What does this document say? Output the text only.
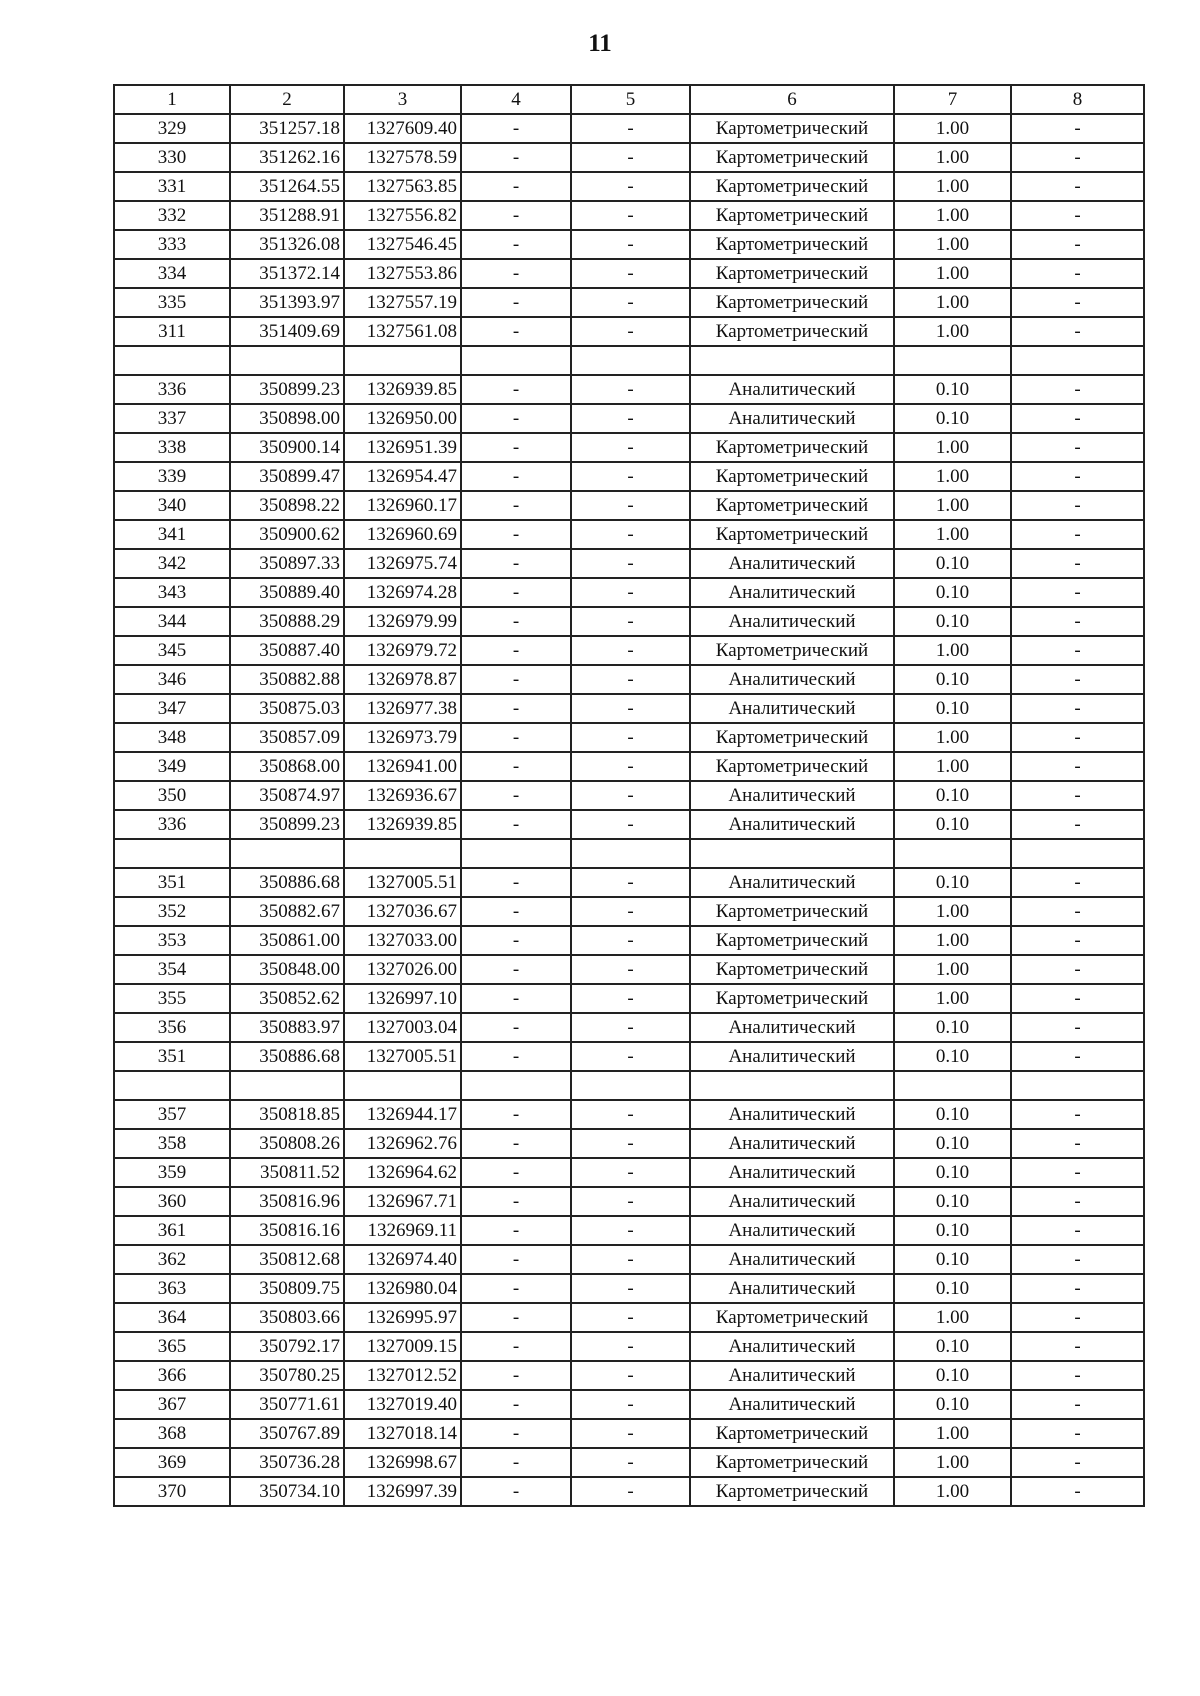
11
1	2	3	4	5	6	7	8
329	351257.18	1327609.40	-	-	Картометрический	1.00	-
330	351262.16	1327578.59	-	-	Картометрический	1.00	-
331	351264.55	1327563.85	-	-	Картометрический	1.00	-
332	351288.91	1327556.82	-	-	Картометрический	1.00	-
333	351326.08	1327546.45	-	-	Картометрический	1.00	-
334	351372.14	1327553.86	-	-	Картометрический	1.00	-
335	351393.97	1327557.19	-	-	Картометрический	1.00	-
311	351409.69	1327561.08	-	-	Картометрический	1.00	-

336	350899.23	1326939.85	-	-	Аналитический	0.10	-
337	350898.00	1326950.00	-	-	Аналитический	0.10	-
338	350900.14	1326951.39	-	-	Картометрический	1.00	-
339	350899.47	1326954.47	-	-	Картометрический	1.00	-
340	350898.22	1326960.17	-	-	Картометрический	1.00	-
341	350900.62	1326960.69	-	-	Картометрический	1.00	-
342	350897.33	1326975.74	-	-	Аналитический	0.10	-
343	350889.40	1326974.28	-	-	Аналитический	0.10	-
344	350888.29	1326979.99	-	-	Аналитический	0.10	-
345	350887.40	1326979.72	-	-	Картометрический	1.00	-
346	350882.88	1326978.87	-	-	Аналитический	0.10	-
347	350875.03	1326977.38	-	-	Аналитический	0.10	-
348	350857.09	1326973.79	-	-	Картометрический	1.00	-
349	350868.00	1326941.00	-	-	Картометрический	1.00	-
350	350874.97	1326936.67	-	-	Аналитический	0.10	-
336	350899.23	1326939.85	-	-	Аналитический	0.10	-

351	350886.68	1327005.51	-	-	Аналитический	0.10	-
352	350882.67	1327036.67	-	-	Картометрический	1.00	-
353	350861.00	1327033.00	-	-	Картометрический	1.00	-
354	350848.00	1327026.00	-	-	Картометрический	1.00	-
355	350852.62	1326997.10	-	-	Картометрический	1.00	-
356	350883.97	1327003.04	-	-	Аналитический	0.10	-
351	350886.68	1327005.51	-	-	Аналитический	0.10	-

357	350818.85	1326944.17	-	-	Аналитический	0.10	-
358	350808.26	1326962.76	-	-	Аналитический	0.10	-
359	350811.52	1326964.62	-	-	Аналитический	0.10	-
360	350816.96	1326967.71	-	-	Аналитический	0.10	-
361	350816.16	1326969.11	-	-	Аналитический	0.10	-
362	350812.68	1326974.40	-	-	Аналитический	0.10	-
363	350809.75	1326980.04	-	-	Аналитический	0.10	-
364	350803.66	1326995.97	-	-	Картометрический	1.00	-
365	350792.17	1327009.15	-	-	Аналитический	0.10	-
366	350780.25	1327012.52	-	-	Аналитический	0.10	-
367	350771.61	1327019.40	-	-	Аналитический	0.10	-
368	350767.89	1327018.14	-	-	Картометрический	1.00	-
369	350736.28	1326998.67	-	-	Картометрический	1.00	-
370	350734.10	1326997.39	-	-	Картометрический	1.00	-
